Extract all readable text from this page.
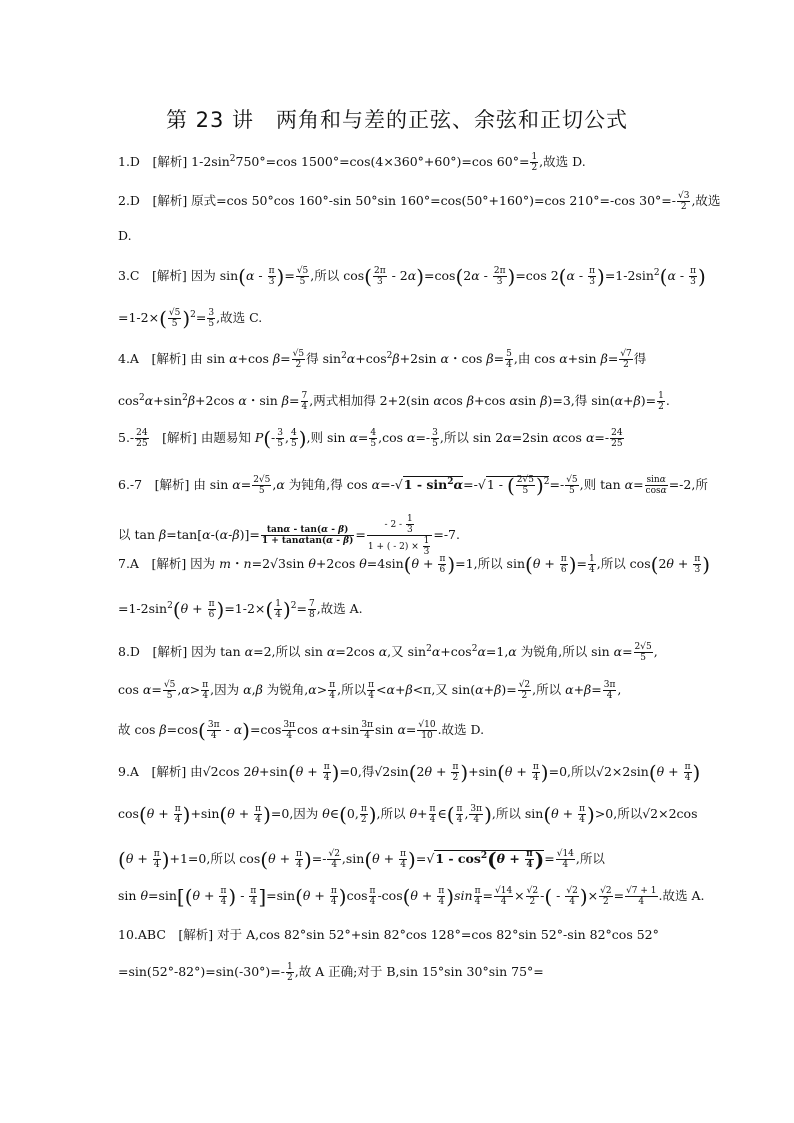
第 23 讲　两角和与差的正弦、余弦和正切公式
1.D　[解析] $1-2\sin^2750^\circ=\cos$ 1500°=cos(4×360°+60°)=cos $60^\circ= \frac{1}{2}$ ,故选 D.
2.D　[解析] 原式=cos 50°cos 160°-sin 50°sin 160°=cos(50°+160°)=cos 210°=-cos $30^\circ=- \frac{√3}{2}$ ,故选
D.
3.C　[解析] 因为 $\sin(\alpha - \frac{\pi}{3}$ )= $\frac{√5}{5}$ ,所以 $\cos( \frac{2\pi}{3} - 2\alpha)=\cos(2\alpha - \frac{2\pi}{3} )=\cos$ $2(\alpha - \frac{\pi}{3} )=1-2\sin^2(\alpha - \frac{\pi}{3}$ )
$=1-2\times( \frac{√5}{5} )^2= \frac{3}{5}$ ,故选 C.
4.A　[解析] 由 sin α+cos $\beta= \frac{√5}{2}$ 得 $\sin^2\alpha+\cos^2\beta+2\sin$ α・$\cos \beta= \frac{5}{4}$ ,由 cos α+sin $\beta= \frac{√7}{2}$ 得
$\cos^2\alpha+\sin^2\beta+2\cos$ α・$\sin \beta= \frac{7}{4}$ ,两式相加得 2+2(sin αcos β+cos αsin β)=3,得 $\sin(\alpha+\beta)= \frac{1}{2}$ .
$5.- \frac{24}{25}$ 　[解析] 由题易知 $P(- \frac{3}{5}$ , $\frac{4}{5}$ ),则 $\sin \alpha= \frac{4}{5} ,\cos$ $\alpha=- \frac{3}{5}$ ,所以 sin 2α=2sin αcos $\alpha=- \frac{24}{25}$
6.-7　[解析] 由 $\sin \alpha= \frac{2√5}{5} ,\alpha$ 为钝角,得 $\cos \alpha=-√1 - \sin^2\alpha=-√1$ - ( $\frac{2√5}{5} )^2=- \frac{√5}{5}$ ,则 $\tan \alpha= \frac{\sin\alpha}{\cos\alpha} =-2$,所
以 $\tan \beta=\tan[\alpha-(\alpha-\beta)]= \frac{\tan\alpha - \tan(\alpha - \beta)}{1 + \tan\alpha\tan(\alpha - \beta)} = \frac{- 2 - \frac{1}{3}}{1 + ( - 2) \times \frac{1}{3}} =-7$.
7.A　[解析] 因为 m・n=2√3sin θ+2cos $\theta=4\sin(\theta + \frac{\pi}{6} )=1$,所以 $\sin(\theta + \frac{\pi}{6}$ )= $\frac{1}{4}$ ,所以 $\cos(2\theta + \frac{\pi}{3}$ )
$=1-2\sin^2(\theta + \frac{\pi}{6} )=1-2\times( \frac{1}{4} )^2= \frac{7}{8}$ ,故选 A.
8.D　[解析] 因为 tan α=2,所以 sin α=2cos α,又 $\sin^2\alpha+\cos^2\alpha=1,\alpha$ 为锐角,所以 $\sin \alpha= \frac{2√5}{5}$ ,
$\cos \alpha= \frac{√5}{5} ,\alpha> \frac{\pi}{4}$ ,因为 α,β 为锐角$,\alpha> \frac{\pi}{4}$ ,所以 $\frac{\pi}{4} <\alpha+\beta<\pi$,又 $\sin(\alpha+\beta)= \frac{√2}{2}$ ,所以 $\alpha+\beta= \frac{3\pi}{4}$ ,
故 $\cos \beta=\cos( \frac{3\pi}{4} - \alpha)=\cos \frac{3\pi}{4}$ $\cos \alpha+\sin \frac{3\pi}{4}$ $\sin \alpha= \frac{√10}{10}$ .故选 D.
9.A　[解析] 由√2cos $2\theta+\sin(\theta + \frac{\pi}{4} )=0$,得$√2\sin(2\theta + \frac{\pi}{2} )+\sin(\theta + \frac{\pi}{4} )=0$,所以$√2\times 2\sin(\theta + \frac{\pi}{4}$ )
$\cos(\theta + \frac{\pi}{4} )+\sin(\theta + \frac{\pi}{4} )=0$,因为 θ∈(0, $\frac{\pi}{2}$ ),所以 $\theta+ \frac{\pi}{4}$ ∈( $\frac{\pi}{4}$ , $\frac{3\pi}{4}$ ),所以 $\sin(\theta + \frac{\pi}{4} )>0$,所以√2×2cos
$(\theta + \frac{\pi}{4} )+1=0$,所以 $\cos(\theta + \frac{\pi}{4}$ )=- $\frac{√2}{4} ,\sin(\theta + \frac{\pi}{4} )=√1 - \cos^2(\theta + \frac{\pi}{4}$ )= $\frac{√14}{4}$ ,所以
$\sin \theta=\sin[(\theta + \frac{\pi}{4}$ ) - $\frac{\pi}{4} ]=\sin(\theta + \frac{\pi}{4} )\cos \frac{\pi}{4} -\cos(\theta + \frac{\pi}{4} )\sin \frac{\pi}{4} = \frac{√14}{4} \times \frac{√2}{2}$ -( - $\frac{√2}{4}$ )× $\frac{√2}{2} = \frac{√7 + 1}{4}$ .故选 A.
10.ABC　[解析] 对于 A,cos 82°sin 52°+sin 82°cos 128°=cos 82°sin 52°-sin 82°cos 52°
$=\sin(52^\circ-82^\circ)=\sin(-30^\circ)=- \frac{1}{2}$ ,故 A 正确;对于 B,sin 15°sin 30°sin 75°=
